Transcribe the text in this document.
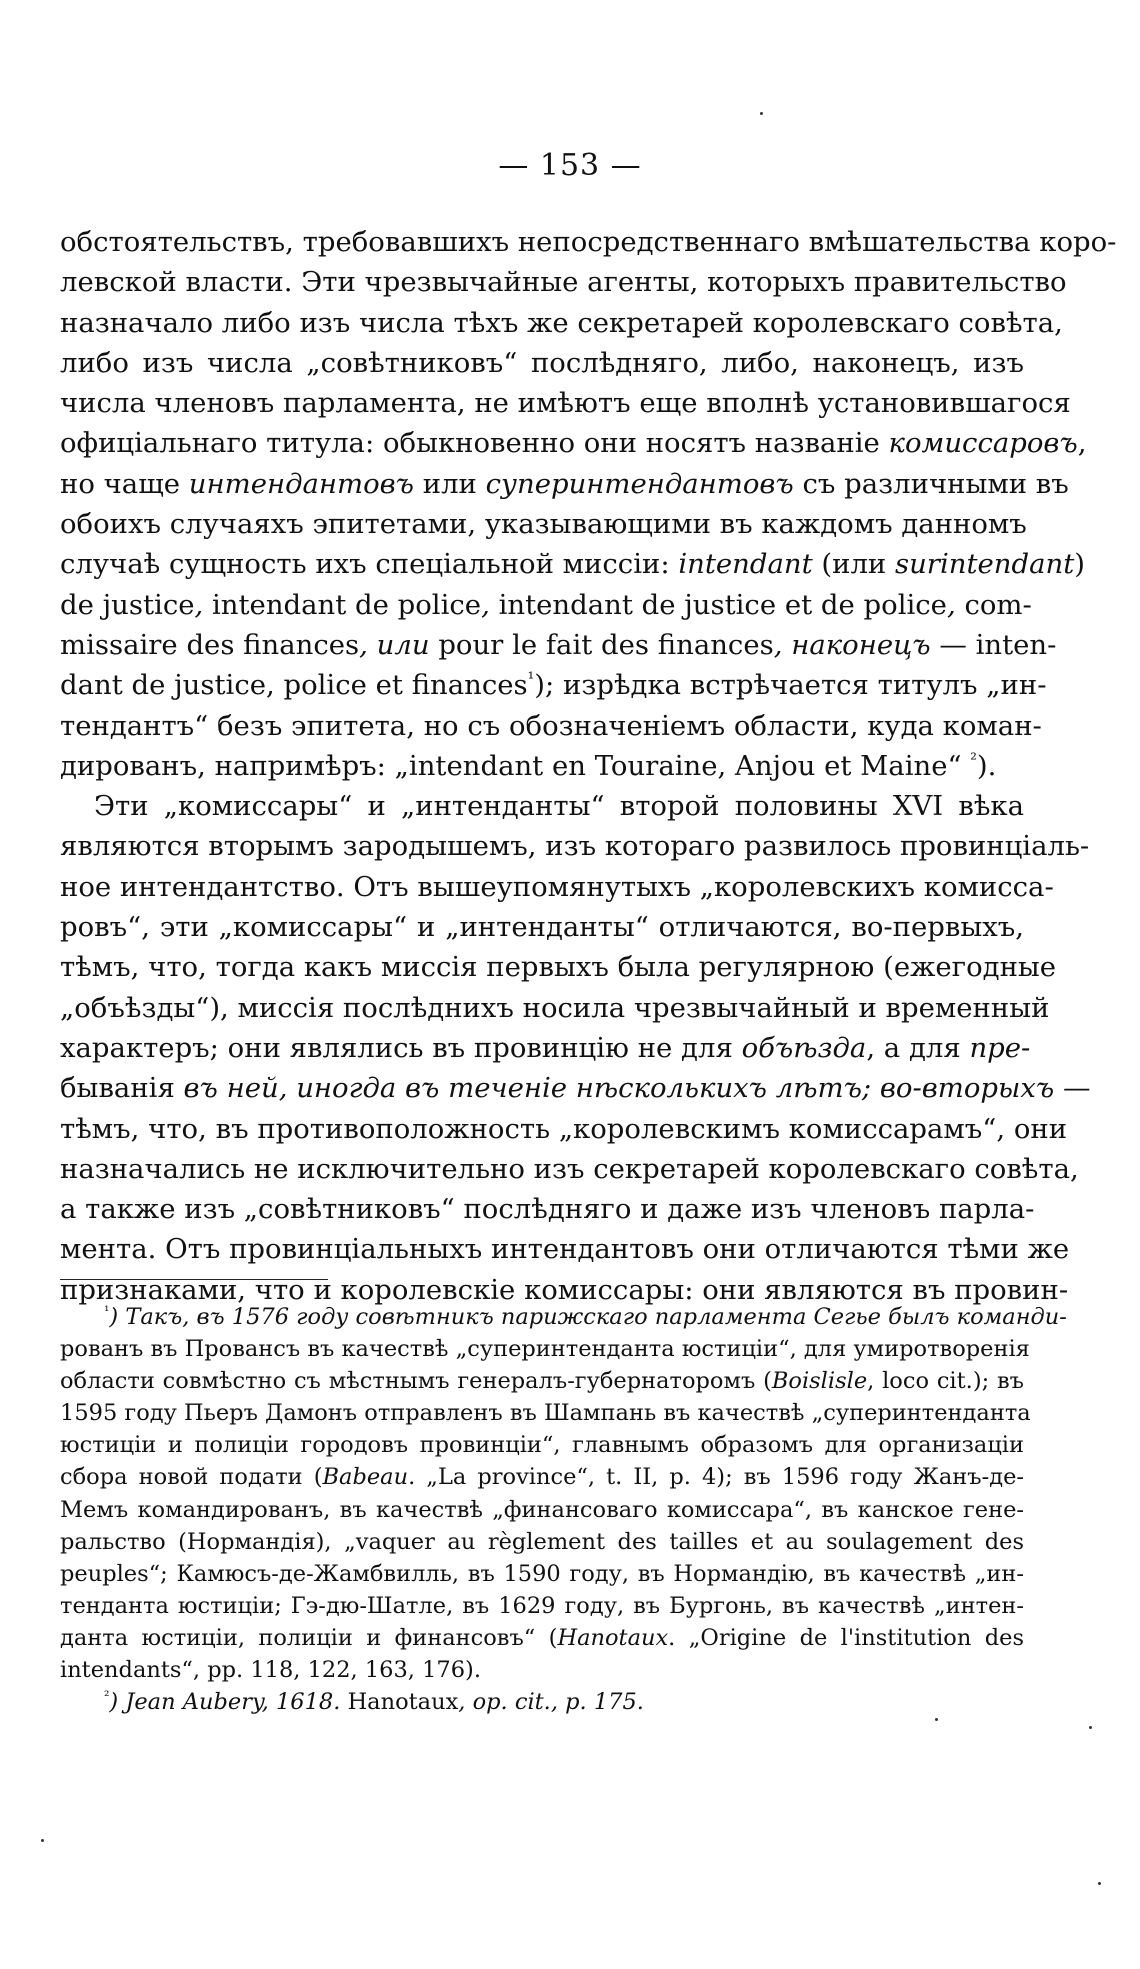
— 153 —
обстоятельствъ, требовавшихъ непосредственнаго вмѣшательства коро-
левской власти. Эти чрезвычайные агенты, которыхъ правительство
назначало либо изъ числа тѣхъ же секретарей королевскаго совѣта,
либо изъ числа „совѣтниковъ“ послѣдняго, либо, наконецъ, изъ
числа членовъ парламента, не имѣютъ еще вполнѣ установившагося
офиціальнаго титула: обыкновенно они носятъ названіе комиссаровъ,
но чаще интендантовъ или суперинтендантовъ съ различными въ
обоихъ случаяхъ эпитетами, указывающими въ каждомъ данномъ
случаѣ сущность ихъ спеціальной миссіи: intendant (или surintendant)
de justice, intendant de police, intendant de justice et de police, com-
missaire des finances, или pour le fait des finances, наконецъ — inten-
dant de justice, police et finances$^{^1}$); изрѣдка встрѣчается титулъ „ин-
тендантъ“ безъ эпитета, но съ обозначеніемъ области, куда коман-
дированъ, напримѣръ: „intendant en Touraine, Anjou et Maine“ $^{^2}$).
Эти „комиссары“ и „интенданты“ второй половины XVI вѣка
являются вторымъ зародышемъ, изъ котораго развилось провинціаль-
ное интендантство. Отъ вышеупомянутыхъ „королевскихъ комисса-
ровъ“, эти „комиссары“ и „интенданты“ отличаются, во-первыхъ,
тѣмъ, что, тогда какъ миссія первыхъ была регулярною (ежегодные
„объѣзды“), миссія послѣднихъ носила чрезвычайный и временный
характеръ; они являлись въ провинцію не для объѣзда, а для пре-
быванія въ ней, иногда въ теченіе нѣсколькихъ лѣтъ; во-вторыхъ —
тѣмъ, что, въ противоположность „королевскимъ комиссарамъ“, они
назначались не исключительно изъ секретарей королевскаго совѣта,
а также изъ „совѣтниковъ“ послѣдняго и даже изъ членовъ парла-
мента. Отъ провинціальныхъ интендантовъ они отличаются тѣми же
признаками, что и королевскіе комиссары: они являются въ провин-
$^{^1}$) Такъ, въ 1576 году совѣтникъ парижскаго парламента Сегье былъ команди-
рованъ въ Провансъ въ качествѣ „суперинтенданта юстиціи“, для умиротворенія
области совмѣстно съ мѣстнымъ генералъ-губернаторомъ (Boislisle, loco cit.); въ
1595 году Пьеръ Дамонъ отправленъ въ Шампань въ качествѣ „суперинтенданта
юстиціи и полиціи городовъ провинціи“, главнымъ образомъ для организаціи
сбора новой подати (Babeau. „La province“, t. II, p. 4); въ 1596 году Жанъ-де-
Мемъ командированъ, въ качествѣ „финансоваго комиссара“, въ канское гене-
ральство (Нормандія), „vaquer au règlement des tailles et au soulagement des
peuples“; Камюсъ-де-Жамбвилль, въ 1590 году, въ Нормандію, въ качествѣ „ин-
тенданта юстиціи; Гэ-дю-Шатле, въ 1629 году, въ Бургонь, въ качествѣ „интен-
данта юстиціи, полиціи и финансовъ“ (Hanotaux. „Origine de l'institution des
intendants“, pp. 118, 122, 163, 176).
$^{^2}$) Jean Aubery, 1618. Hanotaux, op. cit., p. 175.
